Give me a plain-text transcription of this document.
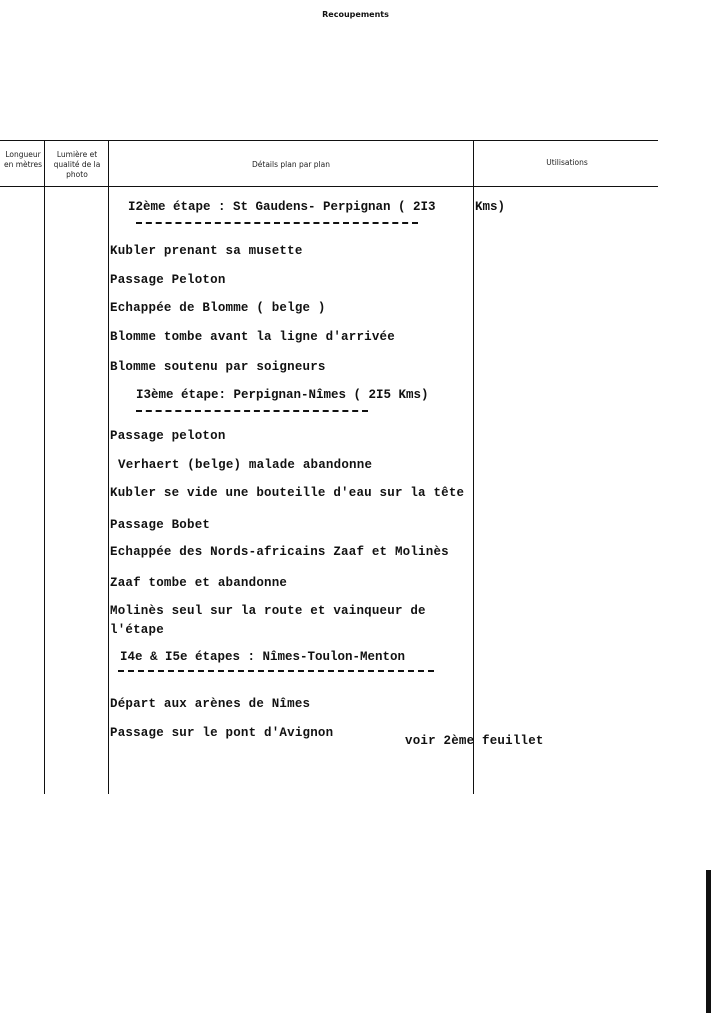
Recoupements
Longueur en mètres
Lumière et qualité de la photo
Détails plan par plan	Utilisations
I2ème étape : St Gaudens- Perpignan ( 2I3	Kms)
Kubler prenant sa musette
Passage Peloton
Echappée de Blomme ( belge )
Blomme tombe avant la ligne d'arrivée
Blomme soutenu par soigneurs
I3ème étape: Perpignan-Nîmes ( 2I5 Kms)
Passage peloton
Verhaert (belge) malade abandonne
Kubler se vide une bouteille d'eau sur la tête
Passage Bobet
Echappée des Nords-africains Zaaf et Molinès
Zaaf tombe et abandonne
Molinès seul sur la route et vainqueur de l'étape
I4e & I5e étapes : Nîmes-Toulon-Menton
Départ aux arènes de Nîmes
Passage sur le pont d'Avignon
voir 2ème feuillet
